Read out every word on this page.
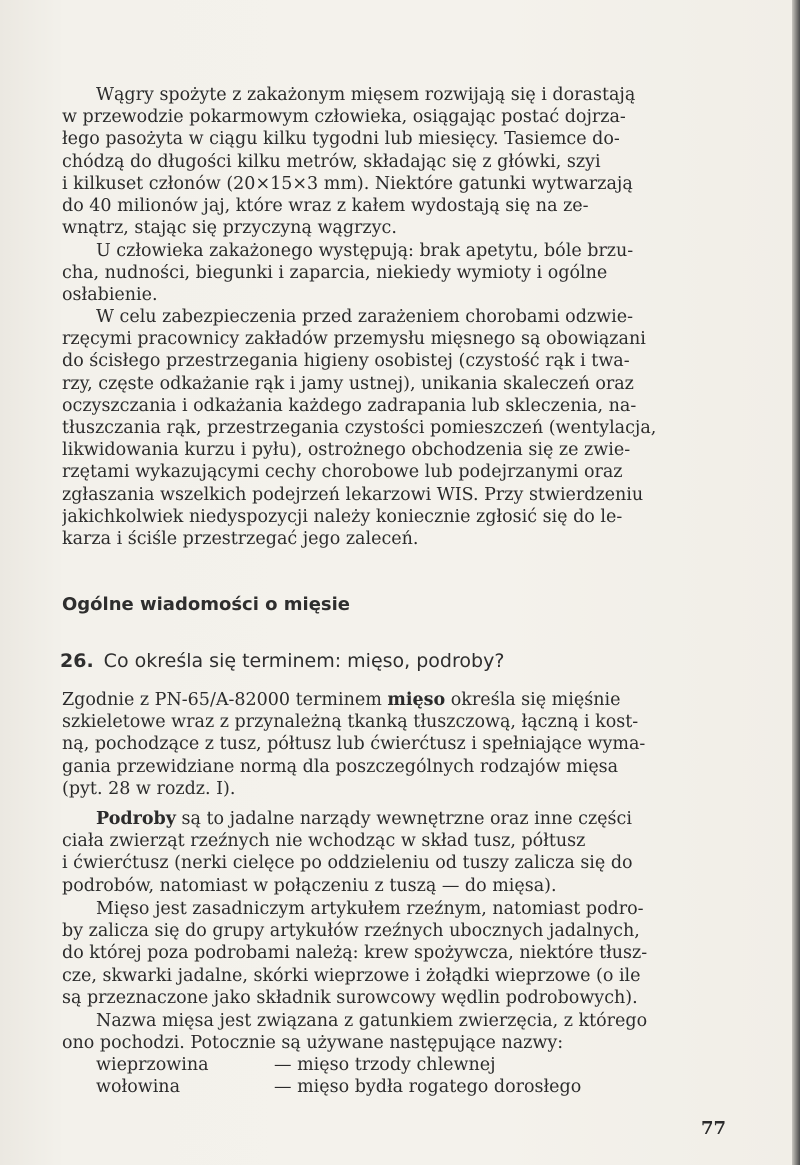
Wągry spożyte z zakażonym mięsem rozwijają się i dorastają
w przewodzie pokarmowym człowieka, osiągając postać dojrza-
łego pasożyta w ciągu kilku tygodni lub miesięcy. Tasiemce do-
chódzą do długości kilku metrów, składając się z główki, szyi
i kilkuset członów (20×15×3 mm). Niektóre gatunki wytwarzają
do 40 milionów jaj, które wraz z kałem wydostają się na ze-
wnątrz, stając się przyczyną wągrzyc.
U człowieka zakażonego występują: brak apetytu, bóle brzu-
cha, nudności, biegunki i zaparcia, niekiedy wymioty i ogólne
osłabienie.
W celu zabezpieczenia przed zarażeniem chorobami odzwie-
rzęcymi pracownicy zakładów przemysłu mięsnego są obowiązani
do ścisłego przestrzegania higieny osobistej (czystość rąk i twa-
rzy, częste odkażanie rąk i jamy ustnej), unikania skaleczeń oraz
oczyszczania i odkażania każdego zadrapania lub skleczenia, na-
tłuszczania rąk, przestrzegania czystości pomieszczeń (wentylacja,
likwidowania kurzu i pyłu), ostrożnego obchodzenia się ze zwie-
rzętami wykazującymi cechy chorobowe lub podejrzanymi oraz
zgłaszania wszelkich podejrzeń lekarzowi WIS. Przy stwierdzeniu
jakichkolwiek niedyspozycji należy koniecznie zgłosić się do le-
karza i ściśle przestrzegać jego zaleceń.
Ogólne wiadomości o mięsie
26. Co określa się terminem: mięso, podroby?
Zgodnie z PN-65/A-82000 terminem mięso określa się mięśnie
szkieletowe wraz z przynależną tkanką tłuszczową, łączną i kost-
ną, pochodzące z tusz, półtusz lub ćwierćtusz i spełniające wyma-
gania przewidziane normą dla poszczególnych rodzajów mięsa
(pyt. 28 w rozdz. I).
Podroby są to jadalne narządy wewnętrzne oraz inne części
ciała zwierząt rzeźnych nie wchodząc w skład tusz, półtusz
i ćwierćtusz (nerki cielęce po oddzieleniu od tuszy zalicza się do
podrobów, natomiast w połączeniu z tuszą — do mięsa).
Mięso jest zasadniczym artykułem rzeźnym, natomiast podro-
by zalicza się do grupy artykułów rzeźnych ubocznych jadalnych,
do której poza podrobami należą: krew spożywcza, niektóre tłusz-
cze, skwarki jadalne, skórki wieprzowe i żołądki wieprzowe (o ile
są przeznaczone jako składnik surowcowy wędlin podrobowych).
Nazwa mięsa jest związana z gatunkiem zwierzęcia, z którego
ono pochodzi. Potocznie są używane następujące nazwy:
wieprzowina	— mięso trzody chlewnej
wołowina	— mięso bydła rogatego dorosłego
77
